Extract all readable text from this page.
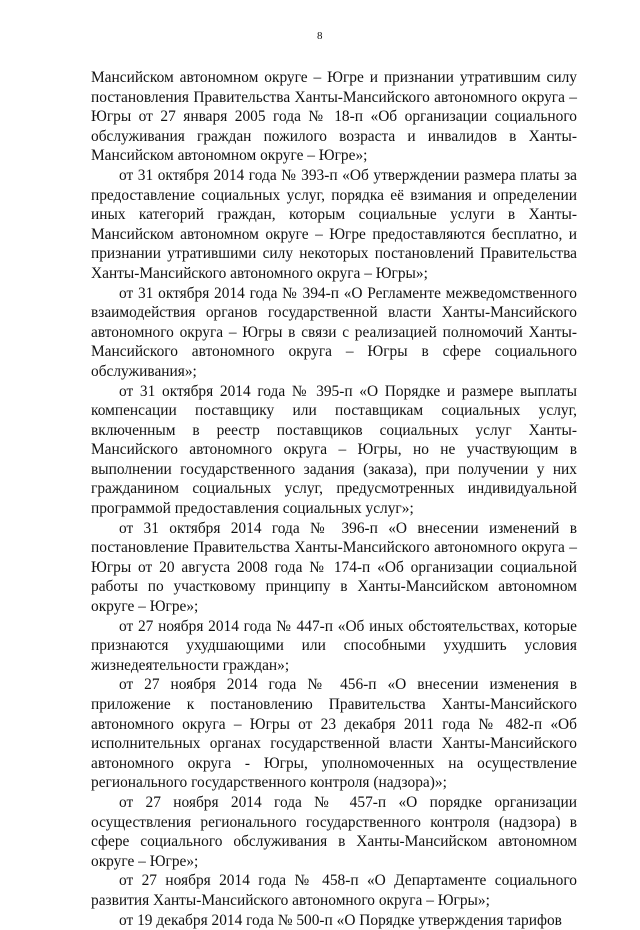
8

Мансийском автономном округе – Югре и признании утратившим силу постановления Правительства Ханты-Мансийского автономного округа – Югры от 27 января 2005 года № 18-п «Об организации социального обслуживания граждан пожилого возраста и инвалидов в Ханты-Мансийском автономном округе – Югре»;

от 31 октября 2014 года № 393-п «Об утверждении размера платы за предоставление социальных услуг, порядка её взимания и определении иных категорий граждан, которым социальные услуги в Ханты-Мансийском автономном округе – Югре предоставляются бесплатно, и признании утратившими силу некоторых постановлений Правительства Ханты-Мансийского автономного округа – Югры»;

от 31 октября 2014 года № 394-п «О Регламенте межведомственного взаимодействия органов государственной власти Ханты-Мансийского автономного округа – Югры в связи с реализацией полномочий Ханты-Мансийского автономного округа – Югры в сфере социального обслуживания»;

от 31 октября 2014 года № 395-п «О Порядке и размере выплаты компенсации поставщику или поставщикам социальных услуг, включенным в реестр поставщиков социальных услуг Ханты-Мансийского автономного округа – Югры, но не участвующим в выполнении государственного задания (заказа), при получении у них гражданином социальных услуг, предусмотренных индивидуальной программой предоставления социальных услуг»;

от 31 октября 2014 года № 396-п «О внесении изменений в постановление Правительства Ханты-Мансийского автономного округа – Югры от 20 августа 2008 года № 174-п «Об организации социальной работы по участковому принципу в Ханты-Мансийском автономном округе – Югре»;

от 27 ноября 2014 года № 447-п «Об иных обстоятельствах, которые признаются ухудшающими или способными ухудшить условия жизнедеятельности граждан»;

от 27 ноября 2014 года № 456-п «О внесении изменения в приложение к постановлению Правительства Ханты-Мансийского автономного округа – Югры от 23 декабря 2011 года № 482-п «Об исполнительных органах государственной власти Ханты-Мансийского автономного округа - Югры, уполномоченных на осуществление регионального государственного контроля (надзора)»;

от 27 ноября 2014 года № 457-п «О порядке организации осуществления регионального государственного контроля (надзора) в сфере социального обслуживания в Ханты-Мансийском автономном округе – Югре»;

от 27 ноября 2014 года № 458-п «О Департаменте социального развития Ханты-Мансийского автономного округа – Югры»;

от 19 декабря 2014 года № 500-п «О Порядке утверждения тарифов
